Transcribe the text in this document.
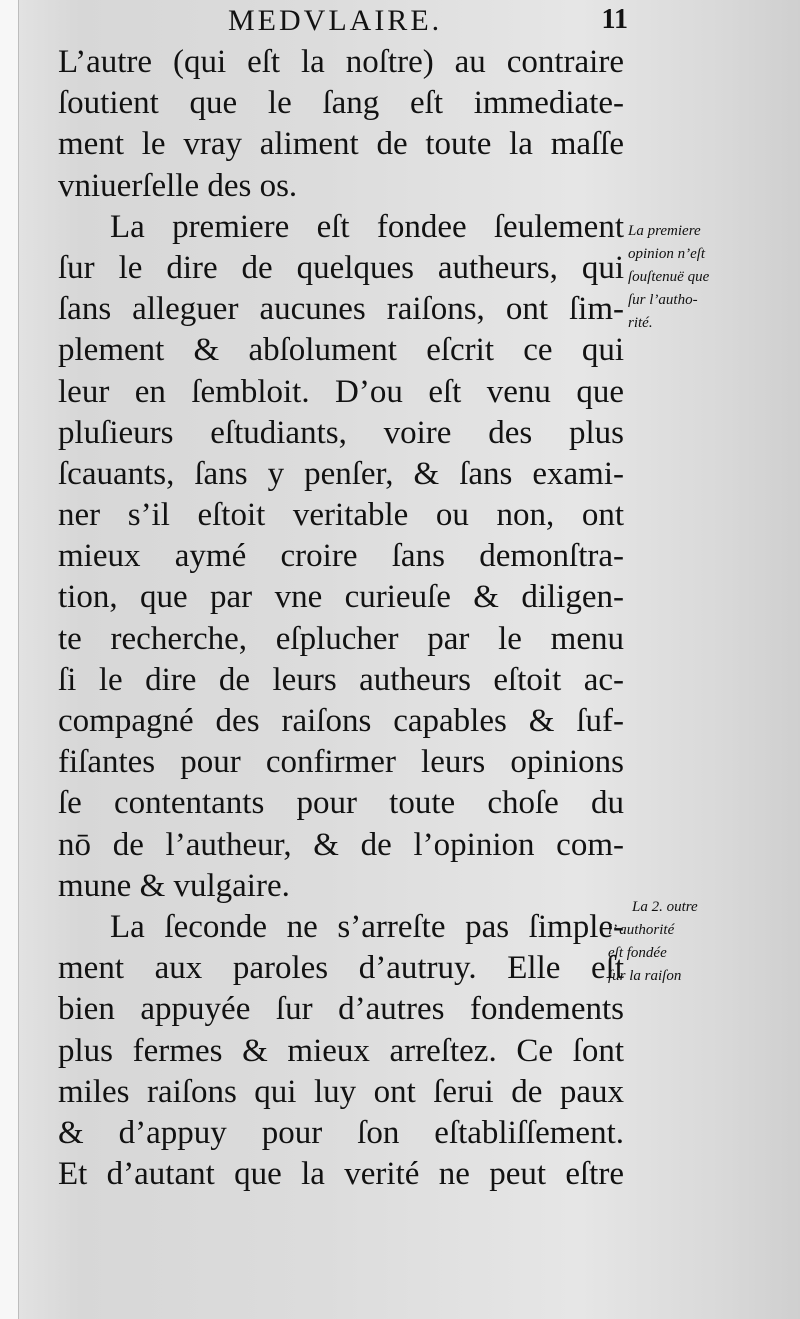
MEDVLAIRE.	11
L’autre (qui eſt la noſtre) au contraire
ſoutient que le ſang eſt immediate-
ment le vray aliment de toute la maſſe
vniuerſelle des os.
La premiere eſt fondee ſeulement
ſur le dire de quelques autheurs, qui
ſans alleguer aucunes raiſons, ont ſim-
plement & abſolument eſcrit ce qui
leur en ſembloit. D’ou eſt venu que
pluſieurs eſtudiants, voire des plus
ſcauants, ſans y penſer, & ſans exami-
ner s’il eſtoit veritable ou non, ont
mieux aymé croire ſans demonſtra-
tion, que par vne curieuſe & diligen-
te recherche, eſplucher par le menu
ſi le dire de leurs autheurs eſtoit ac-
compagné des raiſons capables & ſuf-
fiſantes pour confirmer leurs opinions
ſe contentants pour toute choſe du
nō de l’autheur, & de l’opinion com-
mune & vulgaire.
La ſeconde ne s’arreſte pas ſimple-
ment aux paroles d’autruy. Elle eſt
bien appuyée ſur d’autres fondements
plus fermes & mieux arreſtez. Ce ſont
miles raiſons qui luy ont ſerui de paux
& d’appuy pour ſon eſtabliſſement.
Et d’autant que la verité ne peut eſtre
La premiere
opinion n’eſt
ſouſtenuë que
ſur l’autho-
rité.
La 2. outre
l’ authorité
eſt fondée
ſur la raiſon
